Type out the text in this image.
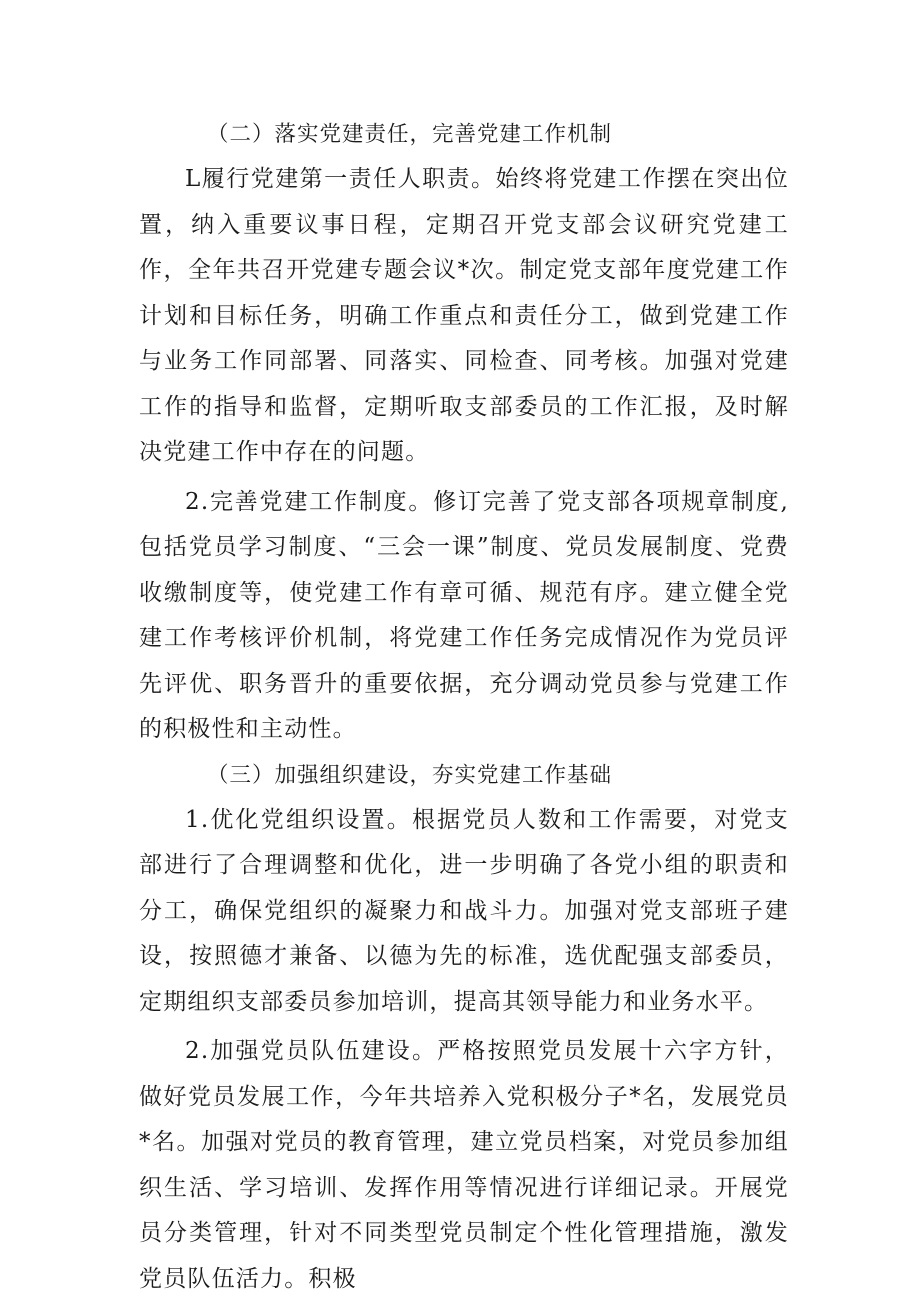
（二）落实党建责任，完善党建工作机制

L履行党建第一责任人职责。始终将党建工作摆在突出位置，纳入重要议事日程，定期召开党支部会议研究党建工作，全年共召开党建专题会议*次。制定党支部年度党建工作计划和目标任务，明确工作重点和责任分工，做到党建工作与业务工作同部署、同落实、同检查、同考核。加强对党建工作的指导和监督，定期听取支部委员的工作汇报，及时解决党建工作中存在的问题。

2.完善党建工作制度。修订完善了党支部各项规章制度,包括党员学习制度、“三会一课”制度、党员发展制度、党费收缴制度等，使党建工作有章可循、规范有序。建立健全党建工作考核评价机制，将党建工作任务完成情况作为党员评先评优、职务晋升的重要依据，充分调动党员参与党建工作的积极性和主动性。

（三）加强组织建设，夯实党建工作基础

1.优化党组织设置。根据党员人数和工作需要，对党支部进行了合理调整和优化，进一步明确了各党小组的职责和分工，确保党组织的凝聚力和战斗力。加强对党支部班子建设，按照德才兼备、以德为先的标准，选优配强支部委员，定期组织支部委员参加培训，提高其领导能力和业务水平。

2.加强党员队伍建设。严格按照党员发展十六字方针，做好党员发展工作，今年共培养入党积极分子*名，发展党员*名。加强对党员的教育管理，建立党员档案，对党员参加组织生活、学习培训、发挥作用等情况进行详细记录。开展党员分类管理，针对不同类型党员制定个性化管理措施，激发党员队伍活力。积极
